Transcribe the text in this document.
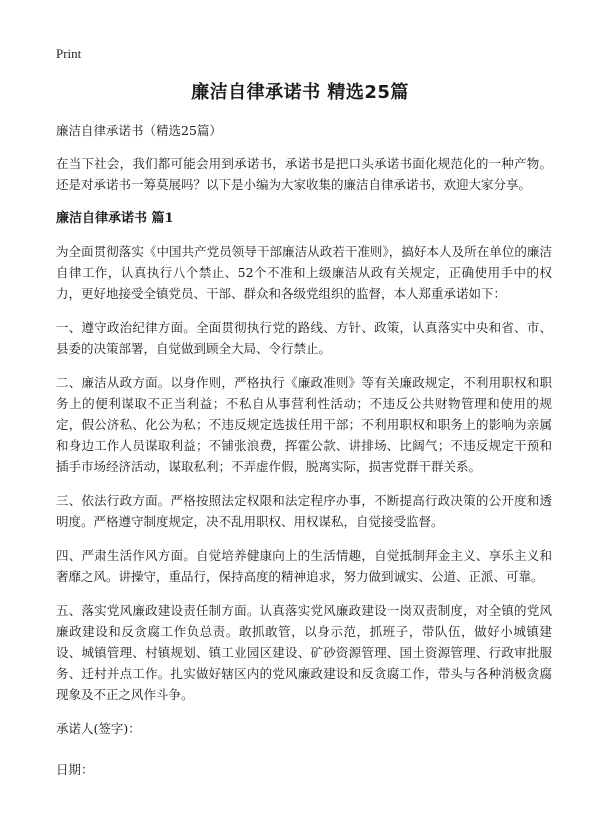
Print
廉洁自律承诺书 精选25篇

廉洁自律承诺书（精选25篇）

在当下社会，我们都可能会用到承诺书，承诺书是把口头承诺书面化规范化的一种产物。还是对承诺书一筹莫展吗？以下是小编为大家收集的廉洁自律承诺书，欢迎大家分享。

廉洁自律承诺书 篇1

为全面贯彻落实《中国共产党员领导干部廉洁从政若干准则》，搞好本人及所在单位的廉洁自律工作，认真执行八个禁止、52个不准和上级廉洁从政有关规定，正确使用手中的权力，更好地接受全镇党员、干部、群众和各级党组织的监督，本人郑重承诺如下：

一、遵守政治纪律方面。全面贯彻执行党的路线、方针、政策，认真落实中央和省、市、县委的决策部署，自觉做到顾全大局、令行禁止。

二、廉洁从政方面。以身作则，严格执行《廉政准则》等有关廉政规定，不利用职权和职务上的便利谋取不正当利益；不私自从事营利性活动；不违反公共财物管理和使用的规定，假公济私、化公为私；不违反规定选拔任用干部；不利用职权和职务上的影响为亲属和身边工作人员谋取利益；不铺张浪费，挥霍公款、讲排场、比阔气；不违反规定干预和插手市场经济活动，谋取私利；不弄虚作假，脱离实际，损害党群干群关系。

三、依法行政方面。严格按照法定权限和法定程序办事，不断提高行政决策的公开度和透明度。严格遵守制度规定，决不乱用职权、用权谋私，自觉接受监督。

四、严肃生活作风方面。自觉培养健康向上的生活情趣，自觉抵制拜金主义、享乐主义和奢靡之风。讲操守，重品行，保持高度的精神追求，努力做到诚实、公道、正派、可靠。

五、落实党风廉政建设责任制方面。认真落实党风廉政建设一岗双责制度，对全镇的党风廉政建设和反贪腐工作负总责。敢抓敢管，以身示范，抓班子，带队伍，做好小城镇建设、城镇管理、村镇规划、镇工业园区建设、矿砂资源管理、国土资源管理、行政审批服务、迁村并点工作。扎实做好辖区内的党风廉政建设和反贪腐工作，带头与各种消极贪腐现象及不正之风作斗争。

承诺人(签字)：

日期：
